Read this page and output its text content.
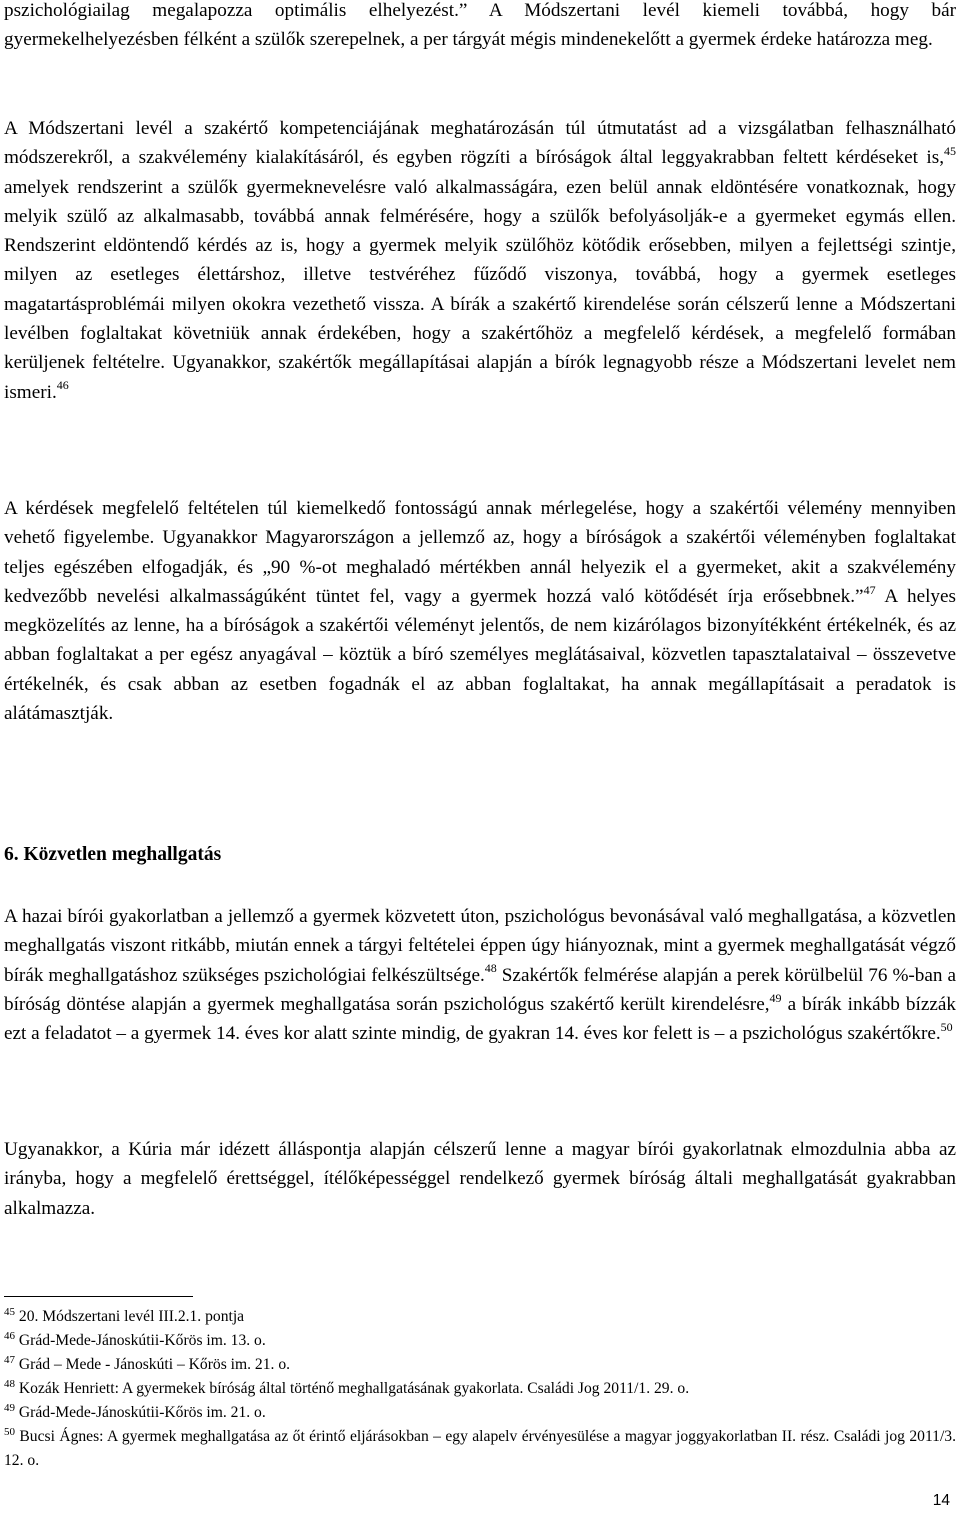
pszichológiailag megalapozza optimális elhelyezést.” A Módszertani levél kiemeli továbbá, hogy bár gyermekelhelyezésben félként a szülők szerepelnek, a per tárgyát mégis mindenekelőtt a gyermek érdeke határozza meg.

A Módszertani levél a szakértő kompetenciájának meghatározásán túl útmutatást ad a vizsgálatban felhasználható módszerekről, a szakvélemény kialakításáról, és egyben rögzíti a bíróságok által leggyakrabban feltett kérdéseket is,$^{45}$ amelyek rendszerint a szülők gyermeknevelésre való alkalmasságára, ezen belül annak eldöntésére vonatkoznak, hogy melyik szülő az alkalmasabb, továbbá annak felmérésére, hogy a szülők befolyásolják-e a gyermeket egymás ellen. Rendszerint eldöntendő kérdés az is, hogy a gyermek melyik szülőhöz kötődik erősebben, milyen a fejlettségi szintje, milyen az esetleges élettárshoz, illetve testvéréhez fűződő viszonya, továbbá, hogy a gyermek esetleges magatartásproblémái milyen okokra vezethető vissza. A bírák a szakértő kirendelése során célszerű lenne a Módszertani levélben foglaltakat követniük annak érdekében, hogy a szakértőhöz a megfelelő kérdések, a megfelelő formában kerüljenek feltételre. Ugyanakkor, szakértők megállapításai alapján a bírók legnagyobb része a Módszertani levelet nem ismeri.$^{46}$

A kérdések megfelelő feltételen túl kiemelkedő fontosságú annak mérlegelése, hogy a szakértői vélemény mennyiben vehető figyelembe. Ugyanakkor Magyarországon a jellemző az, hogy a bíróságok a szakértői véleményben foglaltakat teljes egészében elfogadják, és „90 %-ot meghaladó mértékben annál helyezik el a gyermeket, akit a szakvélemény kedvezőbb nevelési alkalmasságúként tüntet fel, vagy a gyermek hozzá való kötődését írja erősebbnek.”$^{47}$ A helyes megközelítés az lenne, ha a bíróságok a szakértői véleményt jelentős, de nem kizárólagos bizonyítékként értékelnék, és az abban foglaltakat a per egész anyagával – köztük a bíró személyes meglátásaival, közvetlen tapasztalataival – összevetve értékelnék, és csak abban az esetben fogadnák el az abban foglaltakat, ha annak megállapításait a peradatok is alátámasztják.

6. Közvetlen meghallgatás

A hazai bírói gyakorlatban a jellemző a gyermek közvetett úton, pszichológus bevonásával való meghallgatása, a közvetlen meghallgatás viszont ritkább, miután ennek a tárgyi feltételei éppen úgy hiányoznak, mint a gyermek meghallgatását végző bírák meghallgatáshoz szükséges pszichológiai felkészültsége.$^{48}$ Szakértők felmérése alapján a perek körülbelül 76 %-ban a bíróság döntése alapján a gyermek meghallgatása során pszichológus szakértő került kirendelésre,$^{49}$ a bírák inkább bízzák ezt a feladatot – a gyermek 14. éves kor alatt szinte mindig, de gyakran 14. éves kor felett is – a pszichológus szakértőkre.$^{50}$

Ugyanakkor, a Kúria már idézett álláspontja alapján célszerű lenne a magyar bírói gyakorlatnak elmozdulnia abba az irányba, hogy a megfelelő érettséggel, ítélőképességgel rendelkező gyermek bíróság általi meghallgatását gyakrabban alkalmazza.

$^{45}$ 20. Módszertani levél III.2.1. pontja

$^{46}$ Grád-Mede-Jánoskútii-Kőrös im. 13. o.

$^{47}$ Grád – Mede - Jánoskúti – Kőrös im. 21. o.

$^{48}$ Kozák Henriett: A gyermekek bíróság által történő meghallgatásának gyakorlata. Családi Jog 2011/1. 29. o.

$^{49}$ Grád-Mede-Jánoskútii-Kőrös im. 21. o.

$^{50}$ Bucsi Ágnes: A gyermek meghallgatása az őt érintő eljárásokban – egy alapelv érvényesülése a magyar joggyakorlatban II. rész. Családi jog 2011/3. 12. o.

14
